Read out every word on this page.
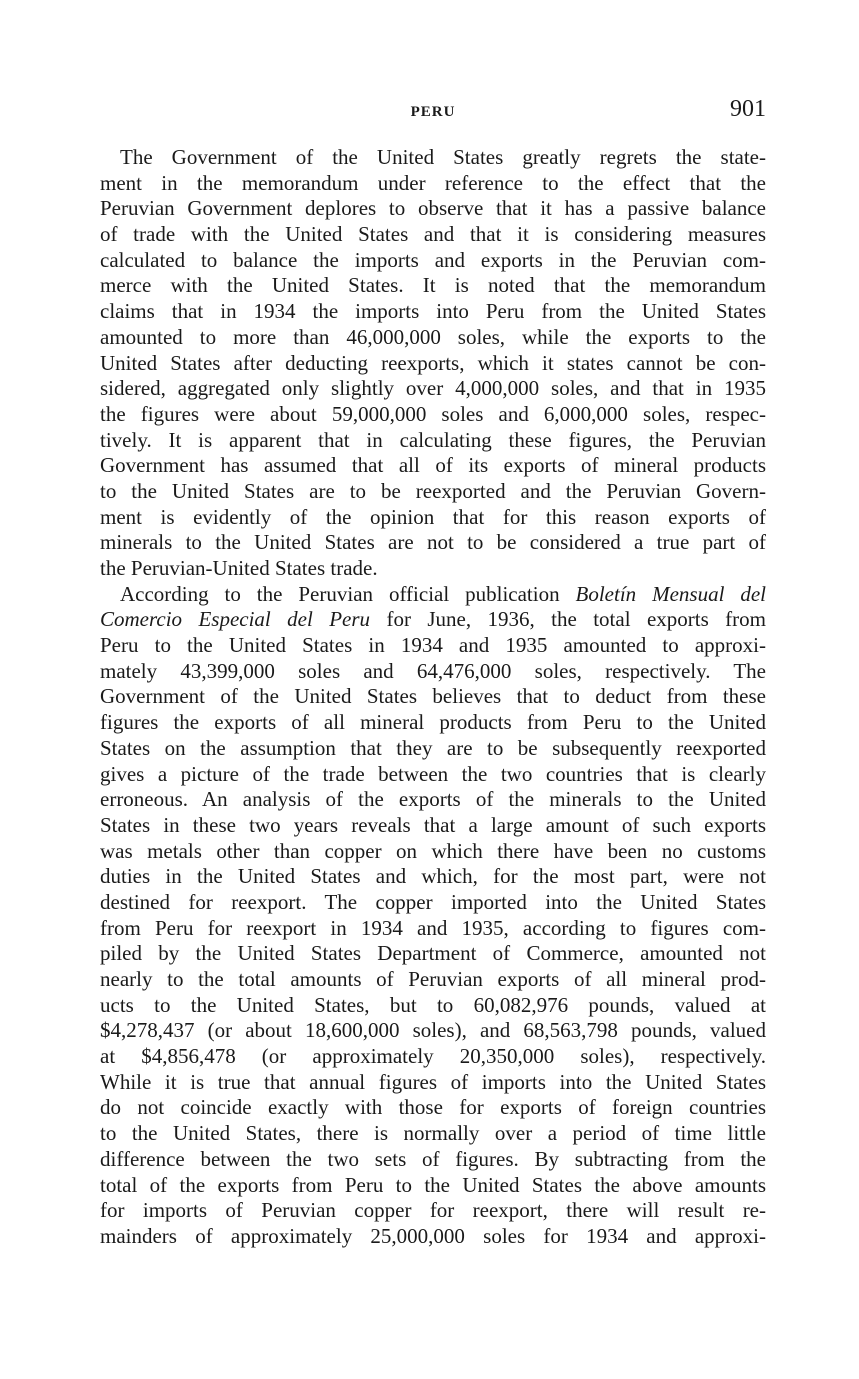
PERU	901
The Government of the United States greatly regrets the state-
ment in the memorandum under reference to the effect that the
Peruvian Government deplores to observe that it has a passive balance
of trade with the United States and that it is considering measures
calculated to balance the imports and exports in the Peruvian com-
merce with the United States. It is noted that the memorandum
claims that in 1934 the imports into Peru from the United States
amounted to more than 46,000,000 soles, while the exports to the
United States after deducting reexports, which it states cannot be con-
sidered, aggregated only slightly over 4,000,000 soles, and that in 1935
the figures were about 59,000,000 soles and 6,000,000 soles, respec-
tively. It is apparent that in calculating these figures, the Peruvian
Government has assumed that all of its exports of mineral products
to the United States are to be reexported and the Peruvian Govern-
ment is evidently of the opinion that for this reason exports of
minerals to the United States are not to be considered a true part of
the Peruvian-United States trade.
According to the Peruvian official publication Boletín Mensual del
Comercio Especial del Peru for June, 1936, the total exports from
Peru to the United States in 1934 and 1935 amounted to approxi-
mately 43,399,000 soles and 64,476,000 soles, respectively. The
Government of the United States believes that to deduct from these
figures the exports of all mineral products from Peru to the United
States on the assumption that they are to be subsequently reexported
gives a picture of the trade between the two countries that is clearly
erroneous. An analysis of the exports of the minerals to the United
States in these two years reveals that a large amount of such exports
was metals other than copper on which there have been no customs
duties in the United States and which, for the most part, were not
destined for reexport. The copper imported into the United States
from Peru for reexport in 1934 and 1935, according to figures com-
piled by the United States Department of Commerce, amounted not
nearly to the total amounts of Peruvian exports of all mineral prod-
ucts to the United States, but to 60,082,976 pounds, valued at
$4,278,437 (or about 18,600,000 soles), and 68,563,798 pounds, valued
at $4,856,478 (or approximately 20,350,000 soles), respectively.
While it is true that annual figures of imports into the United States
do not coincide exactly with those for exports of foreign countries
to the United States, there is normally over a period of time little
difference between the two sets of figures. By subtracting from the
total of the exports from Peru to the United States the above amounts
for imports of Peruvian copper for reexport, there will result re-
mainders of approximately 25,000,000 soles for 1934 and approxi-
